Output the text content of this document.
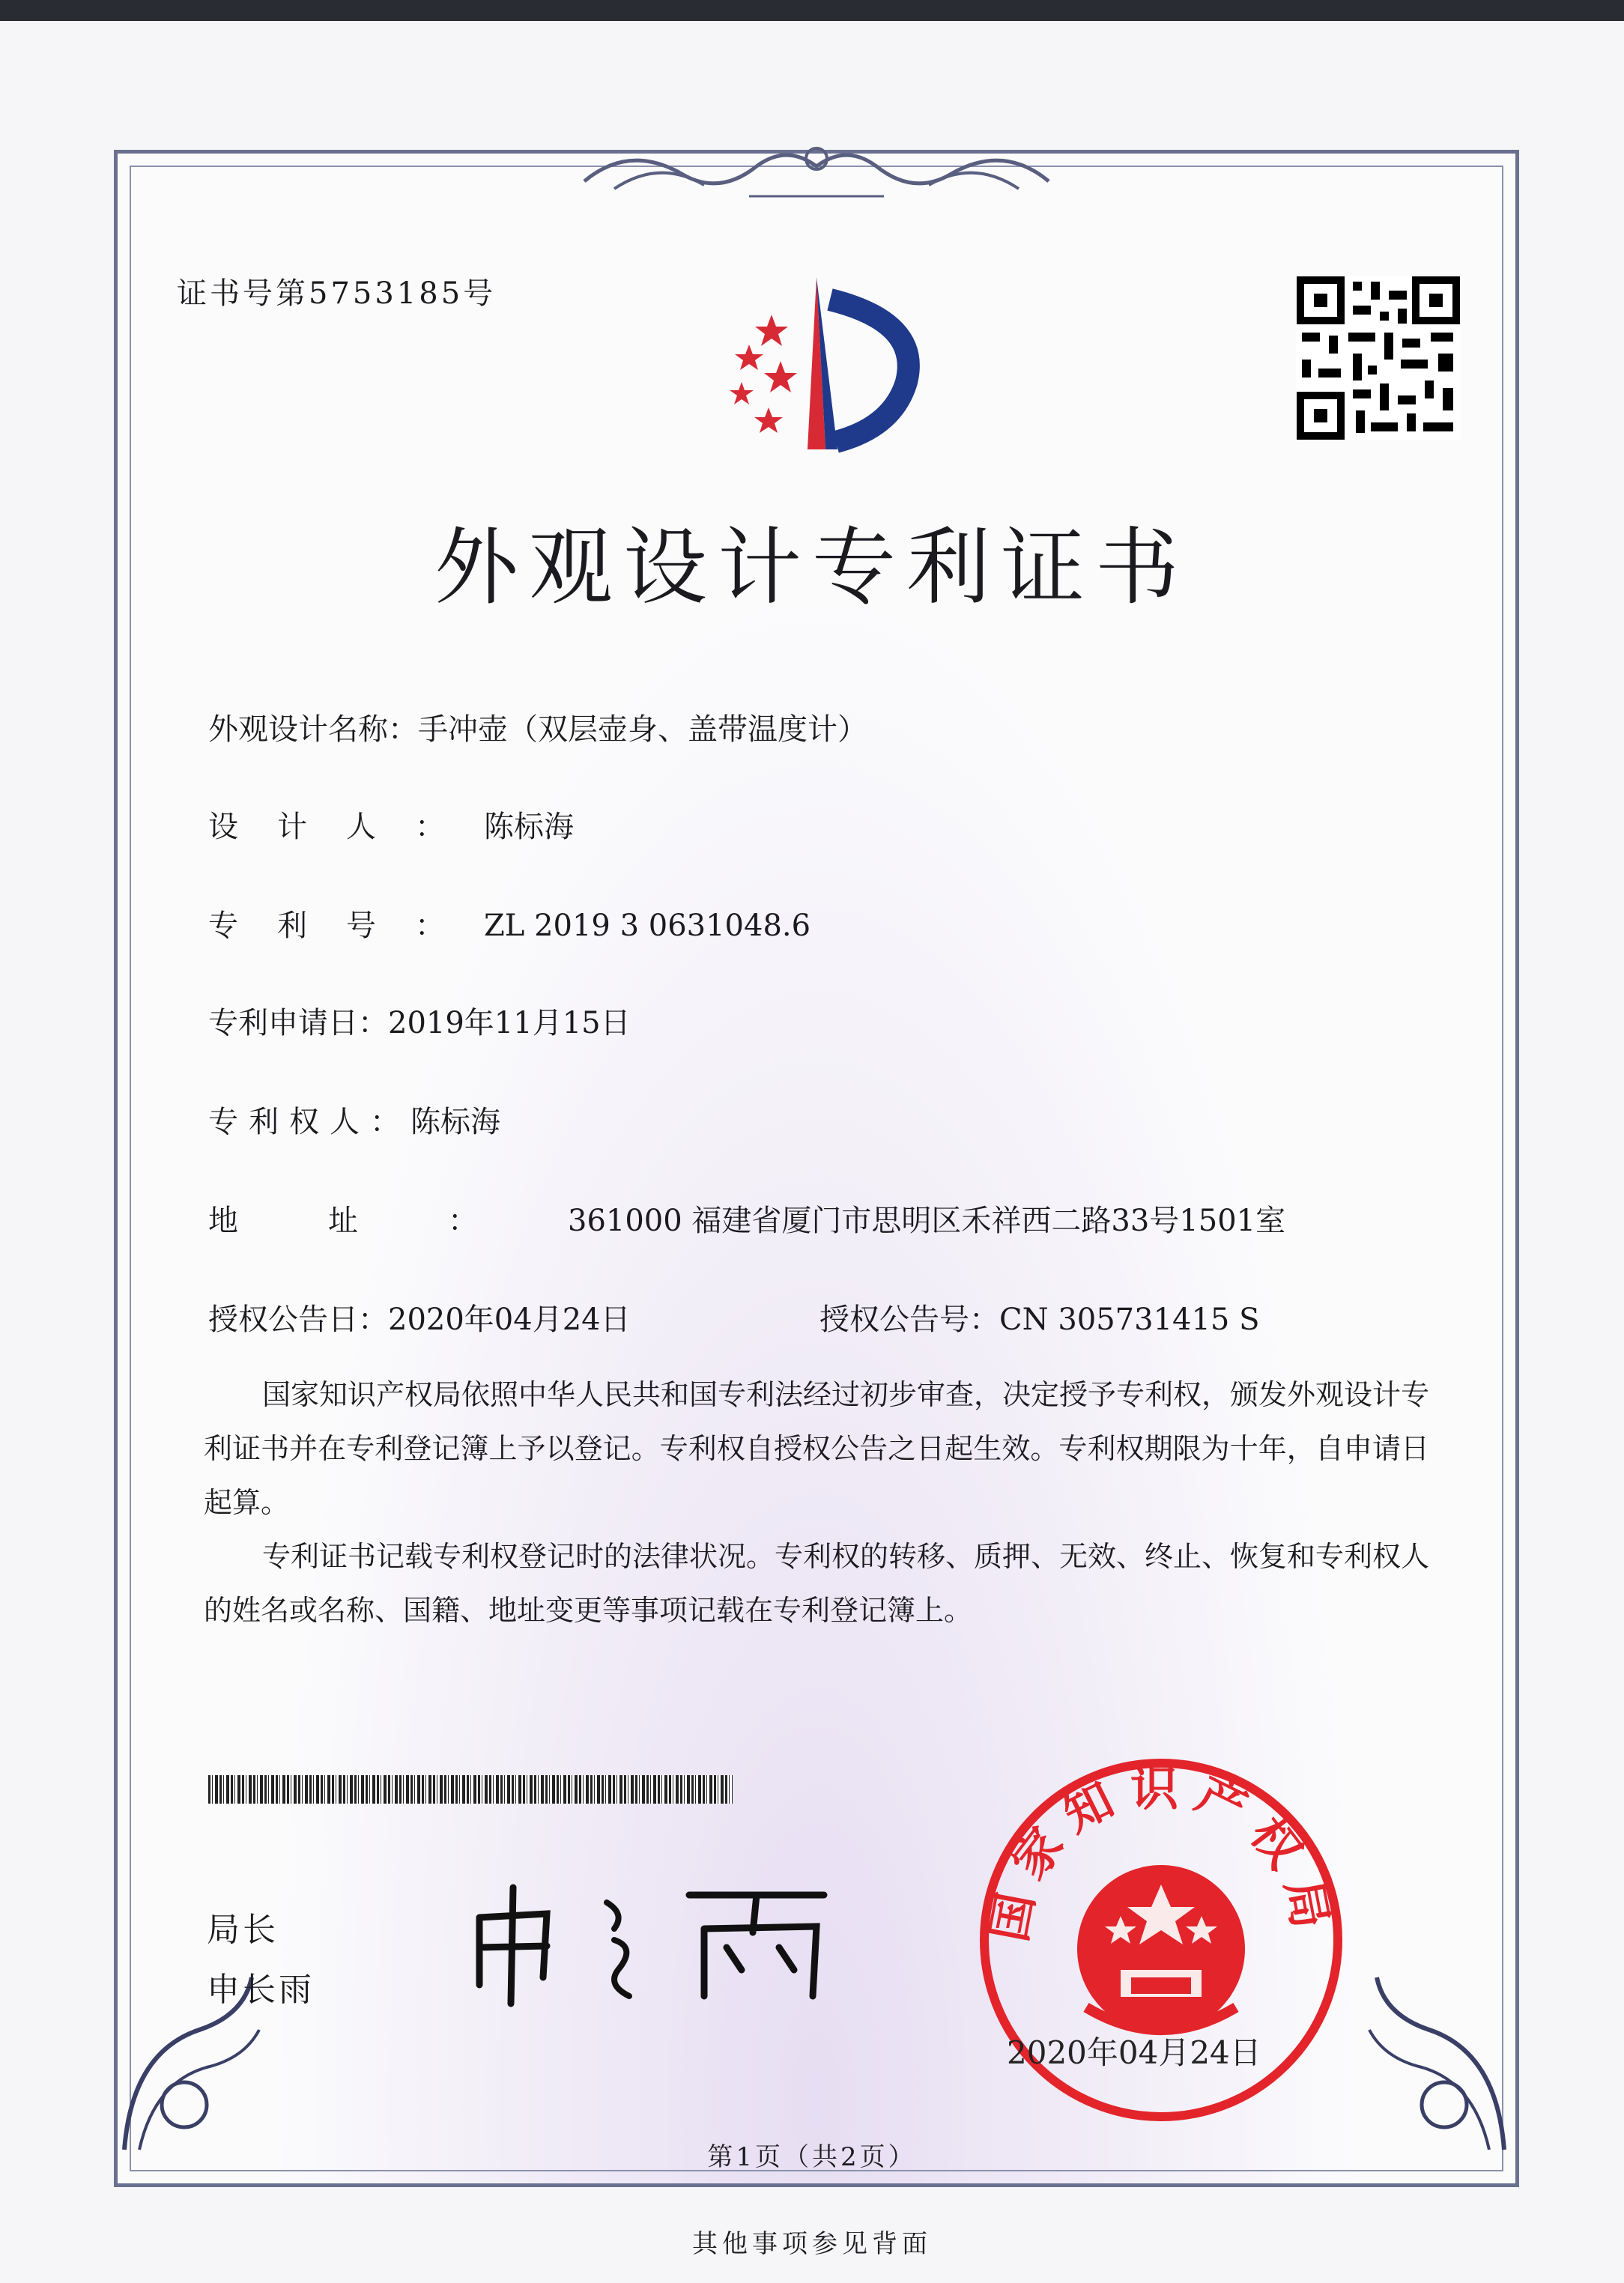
证书号第5753185号
外观设计专利证书
外观设计名称：手冲壶（双层壶身、盖带温度计）
设计人：陈标海
专利号：ZL 2019 3 0631048.6
专利申请日：2019年11月15日
专利权人：陈标海
地址：361000 福建省厦门市思明区禾祥西二路33号1501室
授权公告日：2020年04月24日	授权公告号：CN 305731415 S
国家知识产权局依照中华人民共和国专利法经过初步审查，决定授予专利权，颁发外观设计专利证书并在专利登记簿上予以登记。专利权自授权公告之日起生效。专利权期限为十年，自申请日起算。
专利证书记载专利权登记时的法律状况。专利权的转移、质押、无效、终止、恢复和专利权人的姓名或名称、国籍、地址变更等事项记载在专利登记簿上。
局长
申长雨
国家知识产权局
2020年04月24日
第1页（共2页）
其他事项参见背面
